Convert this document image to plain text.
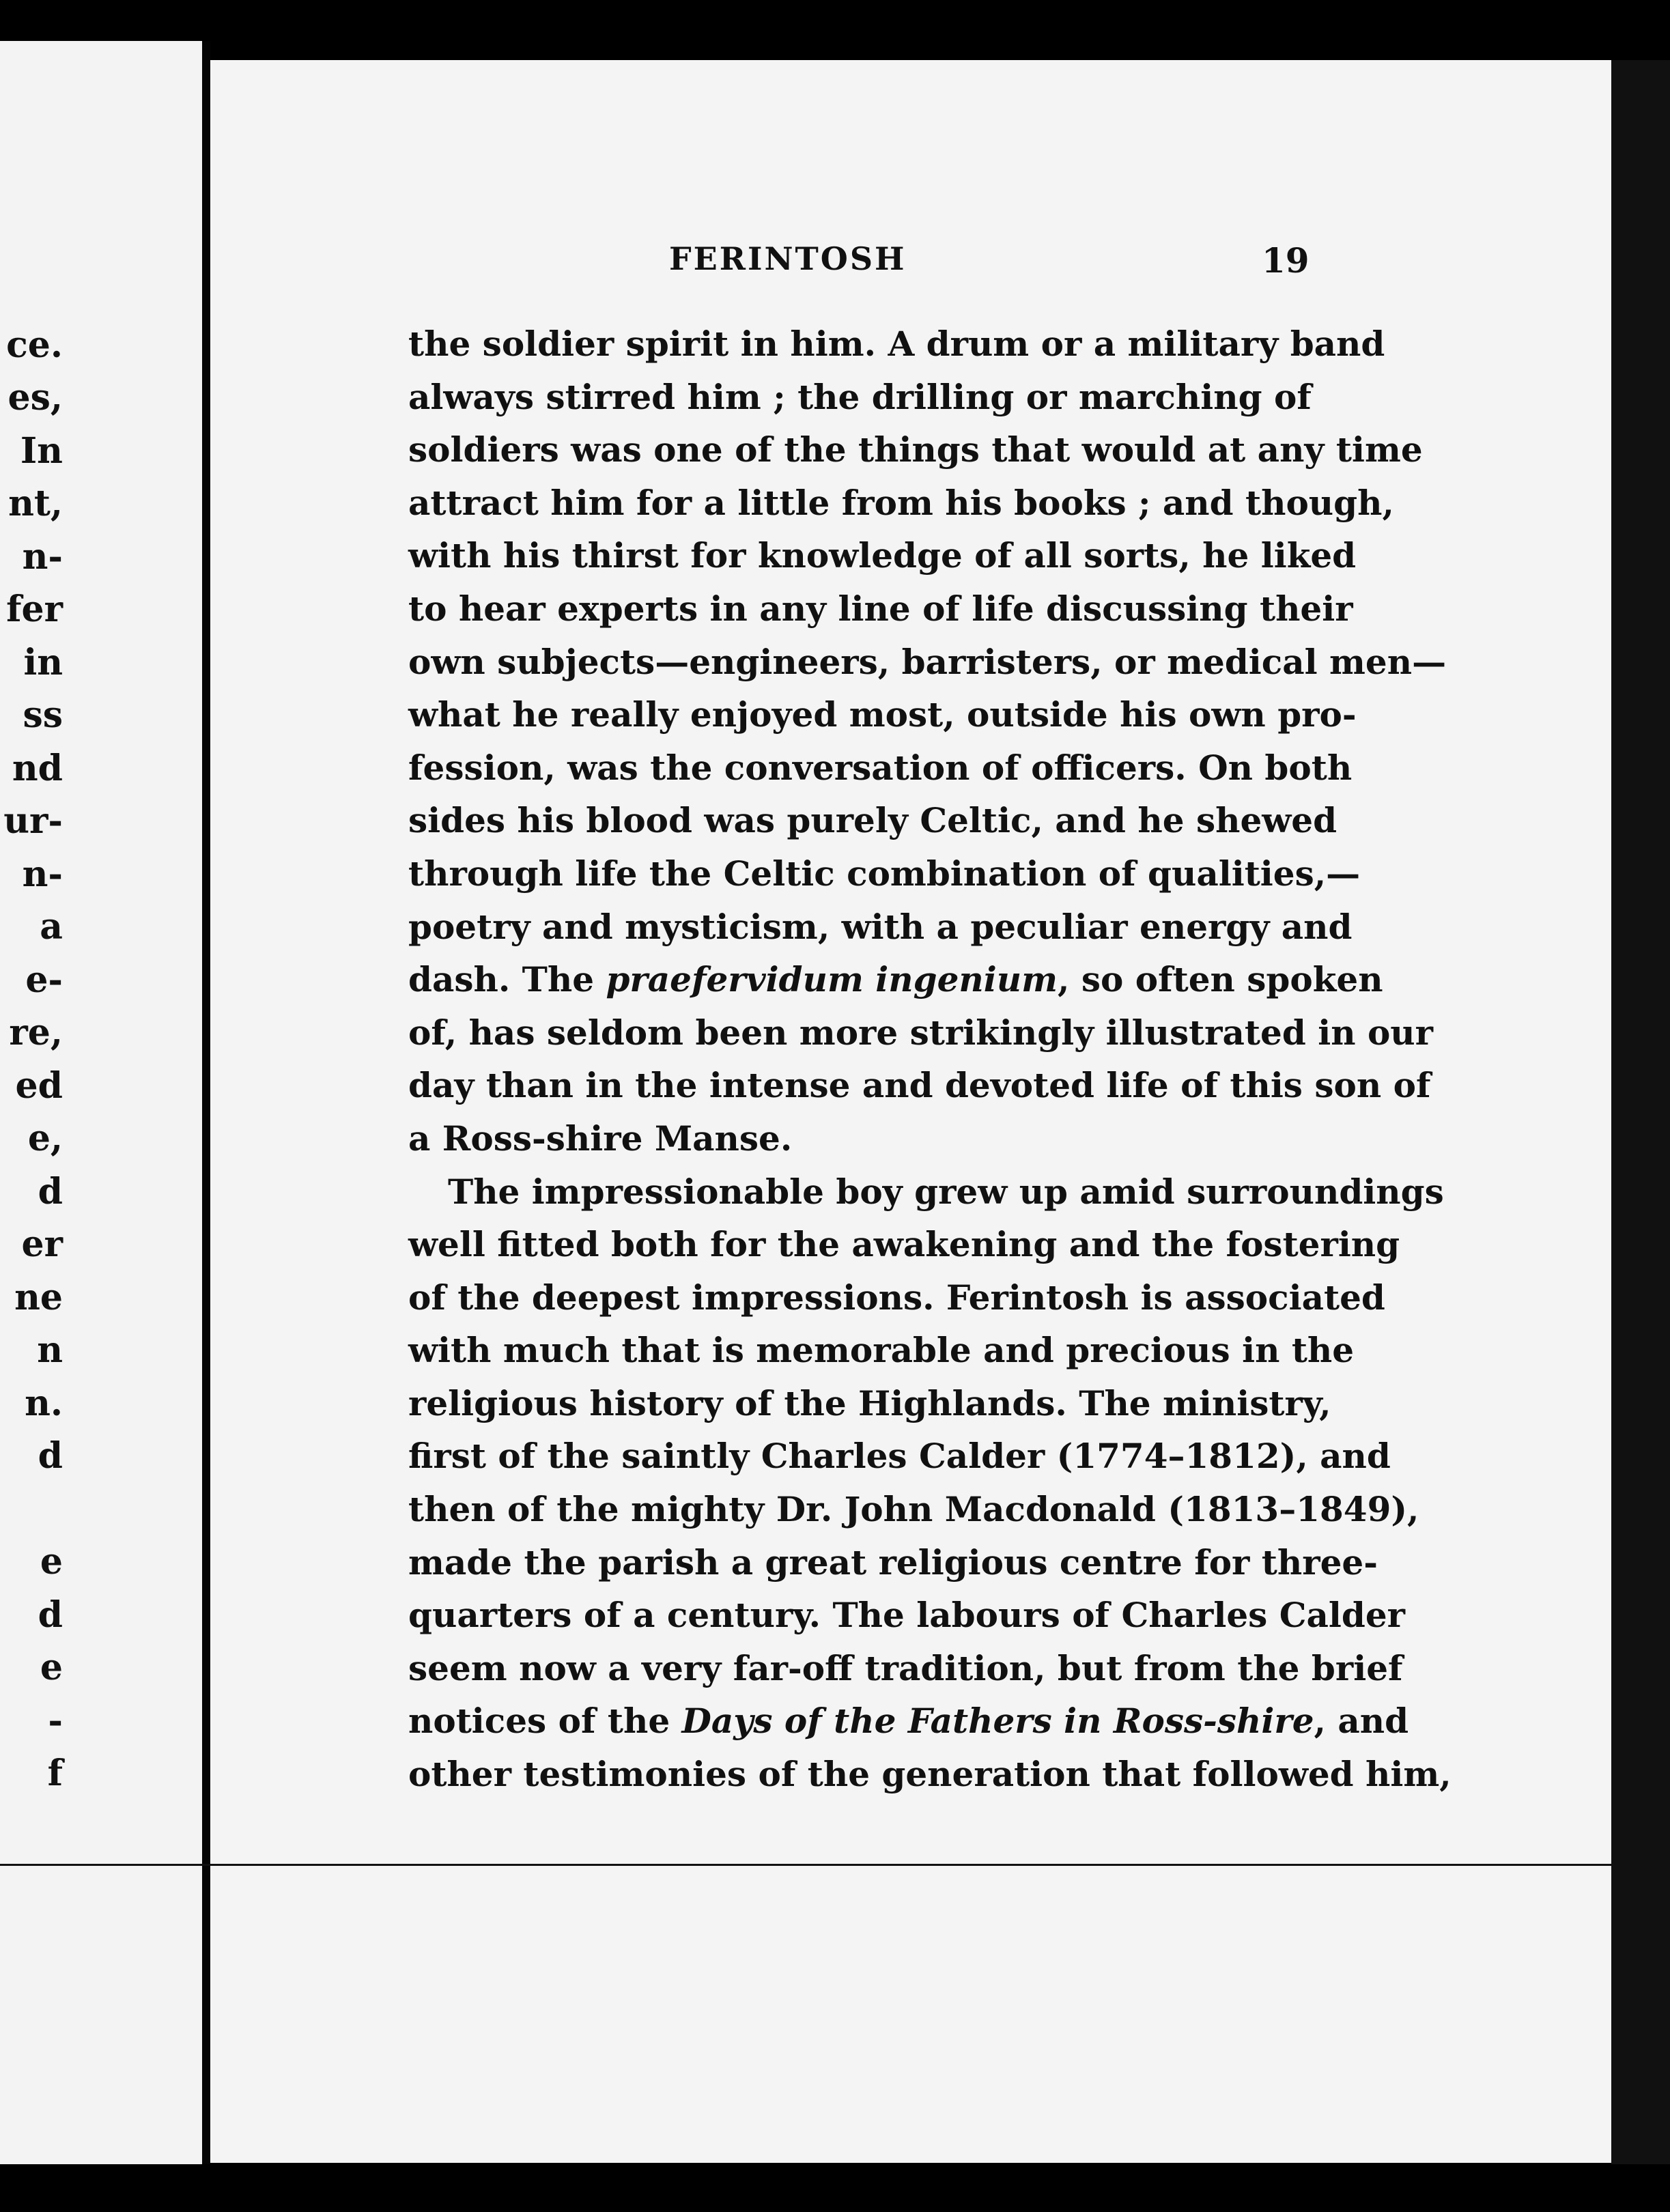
ce.
es,
In
nt,
n-
fer
in
ss
nd
ur-
n-
a
e-
re,
ed
e,
d
er
ne
n
n.
d
e
d
e
-
f
FERINTOSH	19
the soldier spirit in him. A drum or a military band
always stirred him ; the drilling or marching of
soldiers was one of the things that would at any time
attract him for a little from his books ; and though,
with his thirst for knowledge of all sorts, he liked
to hear experts in any line of life discussing their
own subjects—engineers, barristers, or medical men—
what he really enjoyed most, outside his own pro-
fession, was the conversation of officers. On both
sides his blood was purely Celtic, and he shewed
through life the Celtic combination of qualities,—
poetry and mysticism, with a peculiar energy and
dash. The praefervidum ingenium, so often spoken
of, has seldom been more strikingly illustrated in our
day than in the intense and devoted life of this son of
a Ross-shire Manse.
The impressionable boy grew up amid surroundings
well fitted both for the awakening and the fostering
of the deepest impressions. Ferintosh is associated
with much that is memorable and precious in the
religious history of the Highlands. The ministry,
first of the saintly Charles Calder (1774–1812), and
then of the mighty Dr. John Macdonald (1813–1849),
made the parish a great religious centre for three-
quarters of a century. The labours of Charles Calder
seem now a very far-off tradition, but from the brief
notices of the Days of the Fathers in Ross-shire, and
other testimonies of the generation that followed him,
